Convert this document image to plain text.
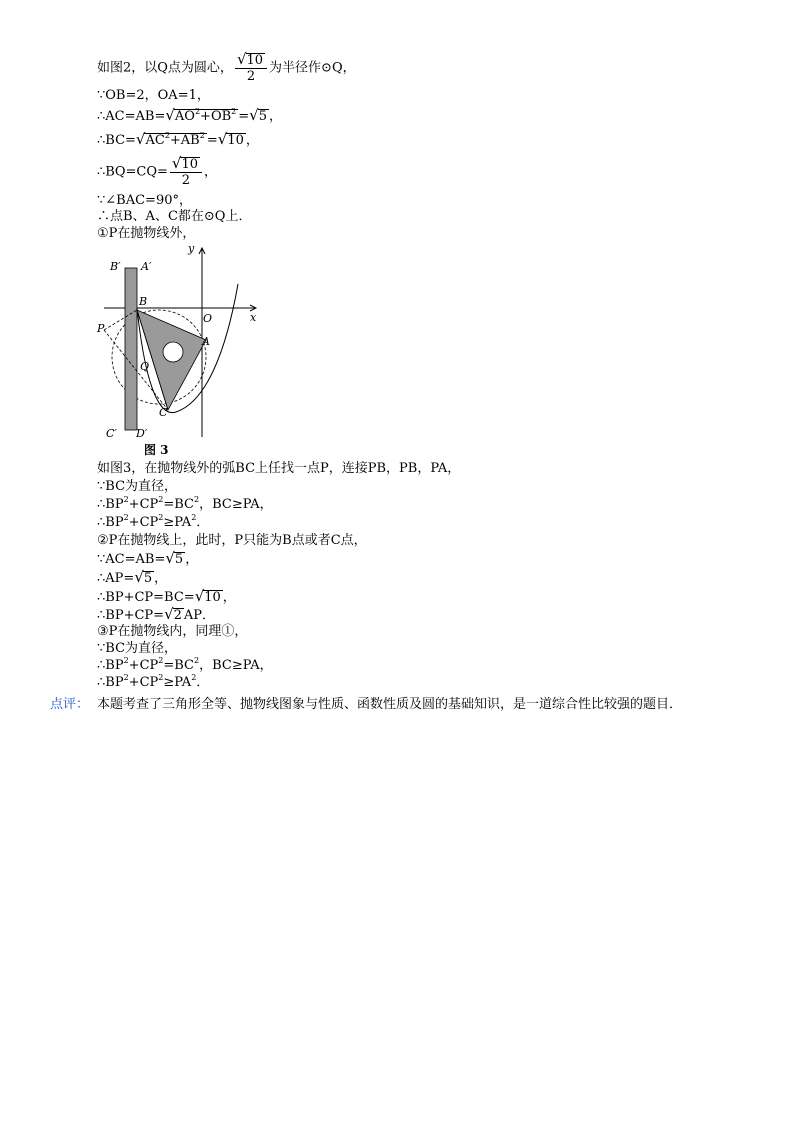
如图2，以Q点为圆心， $\frac{√10}{2}$ 为半径作⊙Q，
∵OB=2，OA=1，
$\therefore AC=AB=√AO^2+OB^2 =√5$ ，
$\therefore BC=√AC^2+AB^2 =√10$ ，
∴BQ=CQ= $\frac{√10}{2}$ ，
∵∠BAC=90°，
∴点B、A、C都在⊙Q上．
①P在抛物线外，
y
x
O
B
A
C
P
Q
B′ A′
C′ D′
图 3
如图3，在抛物线外的弧BC上任找一点P，连接PB，PB，PA，
∵BC为直径，
$\therefore BP^2+CP^2=BC^2$，BC≥PA，
$\therefore BP^2+CP^2\ge PA^2$．
②P在抛物线上，此时，P只能为B点或者C点，
∵AC=AB=√5 ，
∴AP=√5 ，
∴BP+CP=BC=√10 ，
∴BP+CP=√2 AP．
③P在抛物线内，同理①，
∵BC为直径，
$\therefore BP^2+CP^2=BC^2$，BC≥PA，
$\therefore BP^2+CP^2\ge PA^2$．
点评： 本题考查了三角形全等、抛物线图象与性质、函数性质及圆的基础知识，是一道综合性比较强的题目．
